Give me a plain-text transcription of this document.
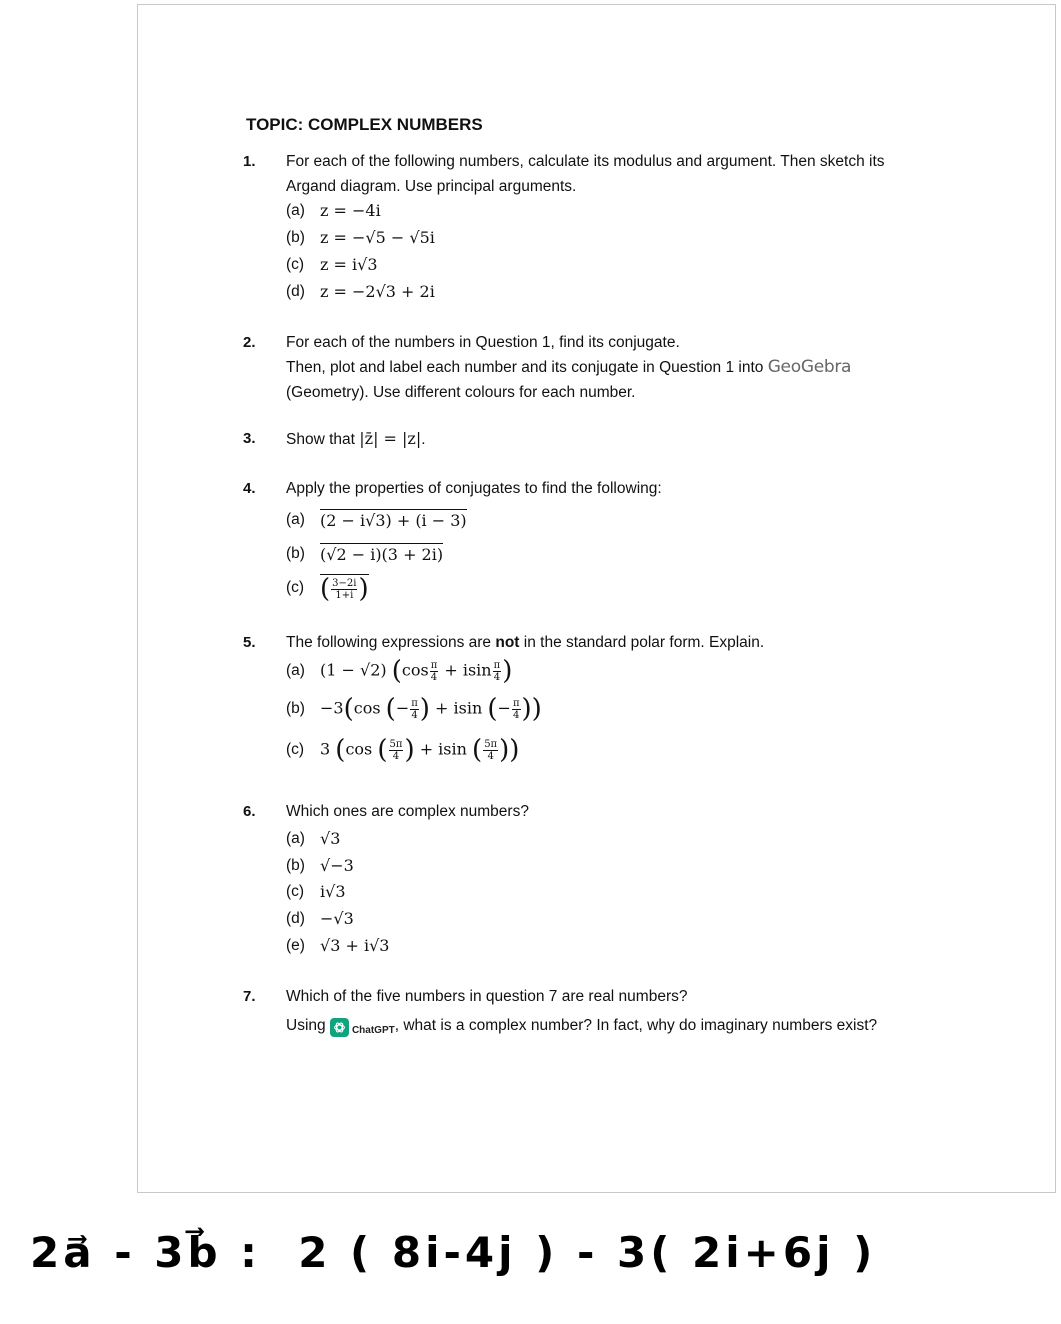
TOPIC: COMPLEX NUMBERS
1. For each of the following numbers, calculate its modulus and argument. Then sketch its
Argand diagram. Use principal arguments.
(a) z = −4i
(b) z = −√5 − √5i
(c) z = i√3
(d) z = −2√3 + 2i
2. For each of the numbers in Question 1, find its conjugate.
Then, plot and label each number and its conjugate in Question 1 into GeoGebra
(Geometry). Use different colours for each number.
3. Show that |z̄| = |z|.
4. Apply the properties of conjugates to find the following:
(a) (2 − i√3) + (i − 3)
(b) (√2 − i)(3 + 2i)
(c) ( $\frac{3-2i}{1+i}$ )
5. The following expressions are not in the standard polar form. Explain.
(a) (1 − √2) ($\cos \frac{\pi}{4} + isin \frac{\pi}{4}$ )
(b) −3(cos (− $\frac{\pi}{4}$ ) + isin (− $\frac{\pi}{4}$ ))
(c) 3 (cos ( $\frac{5\pi}{4}$ ) + isin ( $\frac{5\pi}{4}$ ))
6. Which ones are complex numbers?
(a) √3
(b) √−3
(c) i√3
(d) −√3
(e) √3 + i√3
7. Which of the five numbers in question 7 are real numbers?
Using	ChatGPT , what is a complex number? In fact, why do imaginary numbers exist?
2a⃗ - 3b⃗ :  2 ( 8i-4j ) - 3( 2i+6j )
